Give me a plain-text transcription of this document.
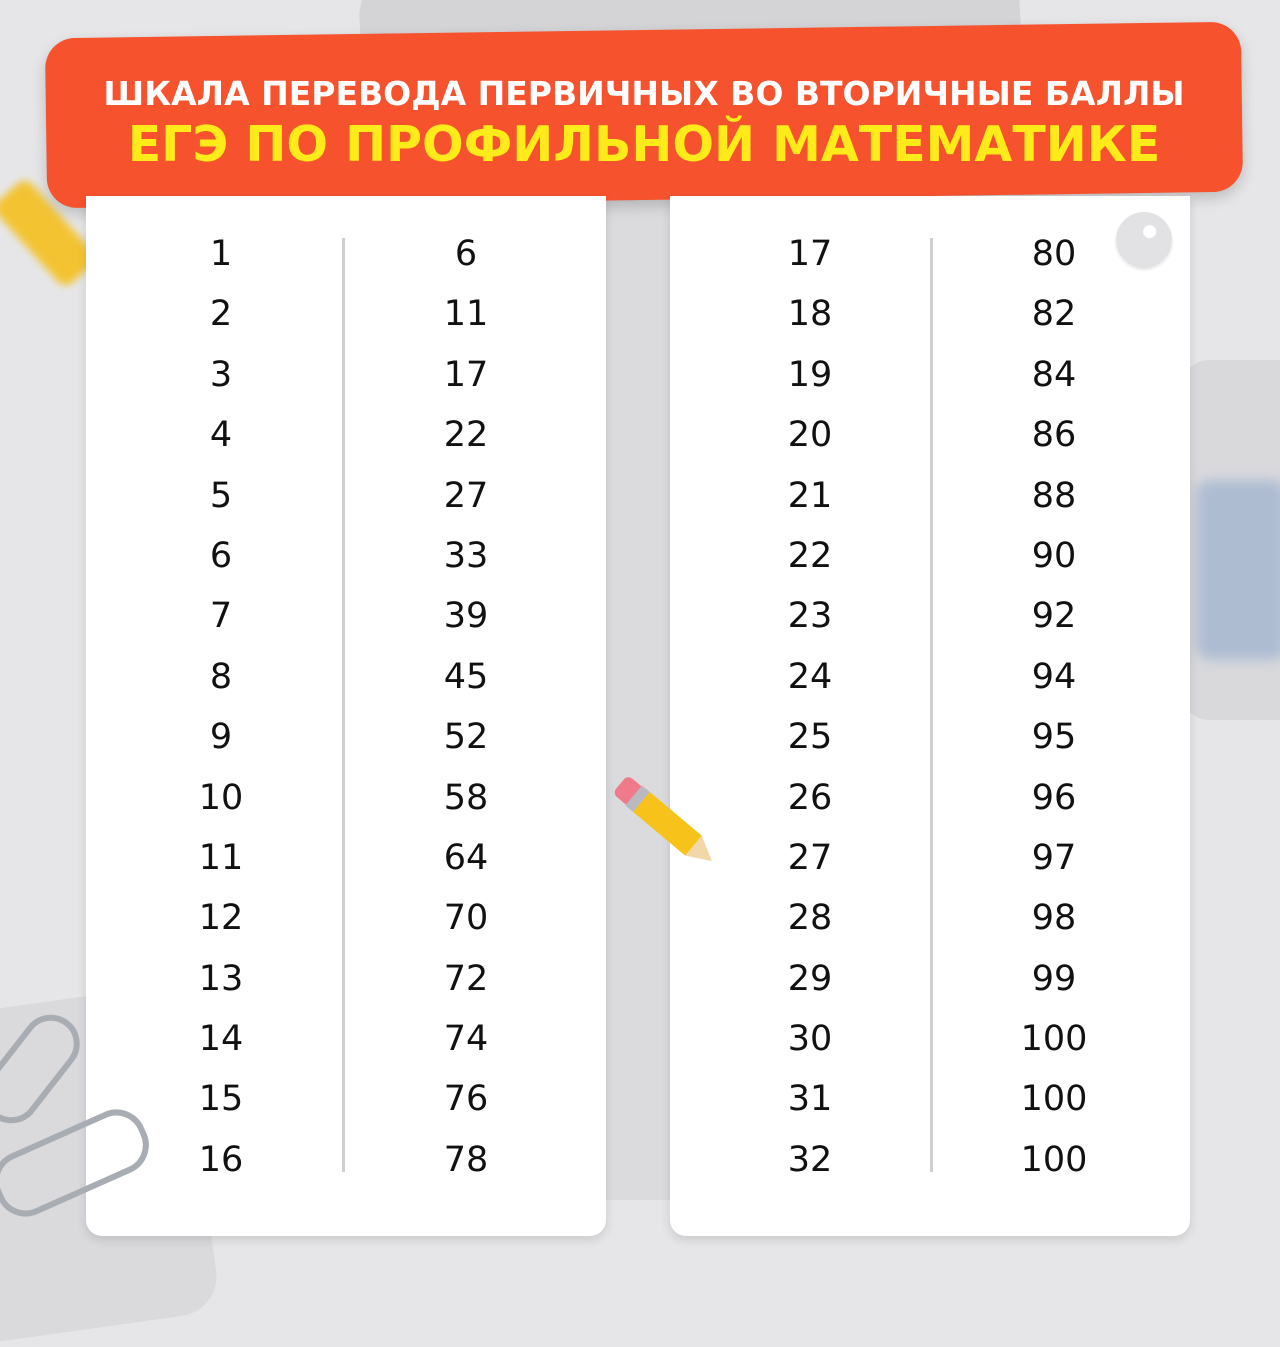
ШКАЛА ПЕРЕВОДА ПЕРВИЧНЫХ ВО ВТОРИЧНЫЕ БАЛЛЫ
ЕГЭ ПО ПРОФИЛЬНОЙ МАТЕМАТИКЕ
1	6
2	11
3	17
4	22
5	27
6	33
7	39
8	45
9	52
10	58
11	64
12	70
13	72
14	74
15	76
16	78
17	80
18	82
19	84
20	86
21	88
22	90
23	92
24	94
25	95
26	96
27	97
28	98
29	99
30	100
31	100
32	100
